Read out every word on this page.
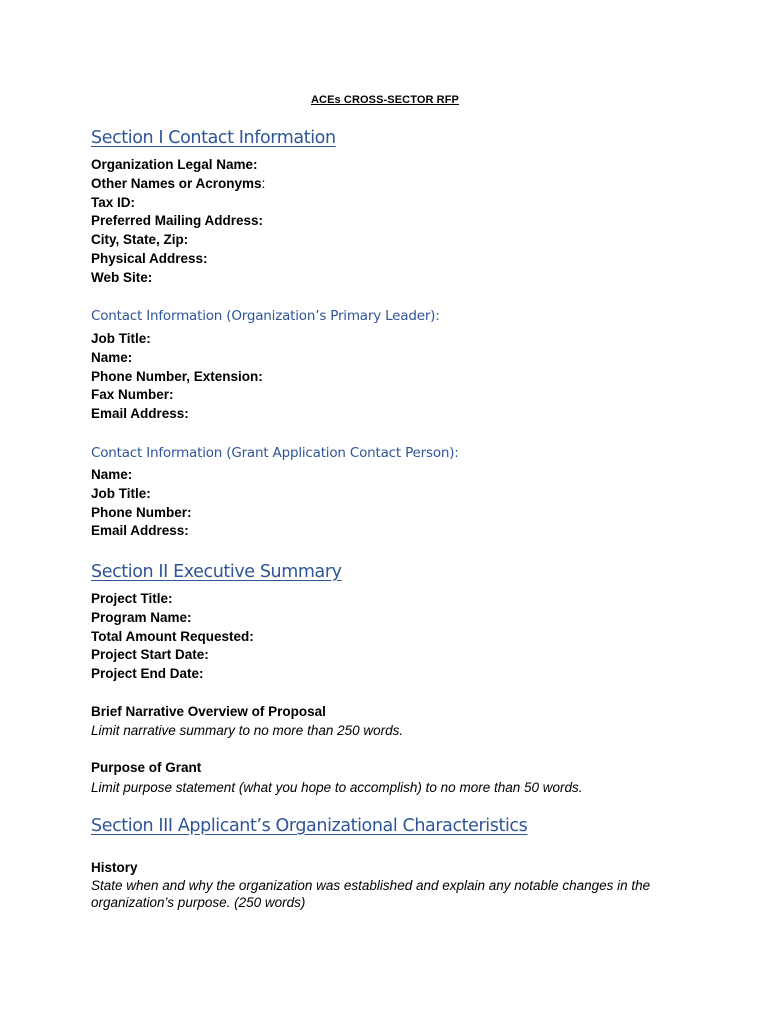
ACEs CROSS-SECTOR RFP
Section I Contact Information
Organization Legal Name:
Other Names or Acronyms:
Tax ID:
Preferred Mailing Address:
City, State, Zip:
Physical Address:
Web Site:
Contact Information (Organization’s Primary Leader):
Job Title:
Name:
Phone Number, Extension:
Fax Number:
Email Address:
Contact Information (Grant Application Contact Person):
Name:
Job Title:
Phone Number:
Email Address:
Section II Executive Summary
Project Title:
Program Name:
Total Amount Requested:
Project Start Date:
Project End Date:
Brief Narrative Overview of Proposal
Limit narrative summary to no more than 250 words.
Purpose of Grant
Limit purpose statement (what you hope to accomplish) to no more than 50 words.
Section III Applicant’s Organizational Characteristics
History
State when and why the organization was established and explain any notable changes in the organization’s purpose. (250 words)
